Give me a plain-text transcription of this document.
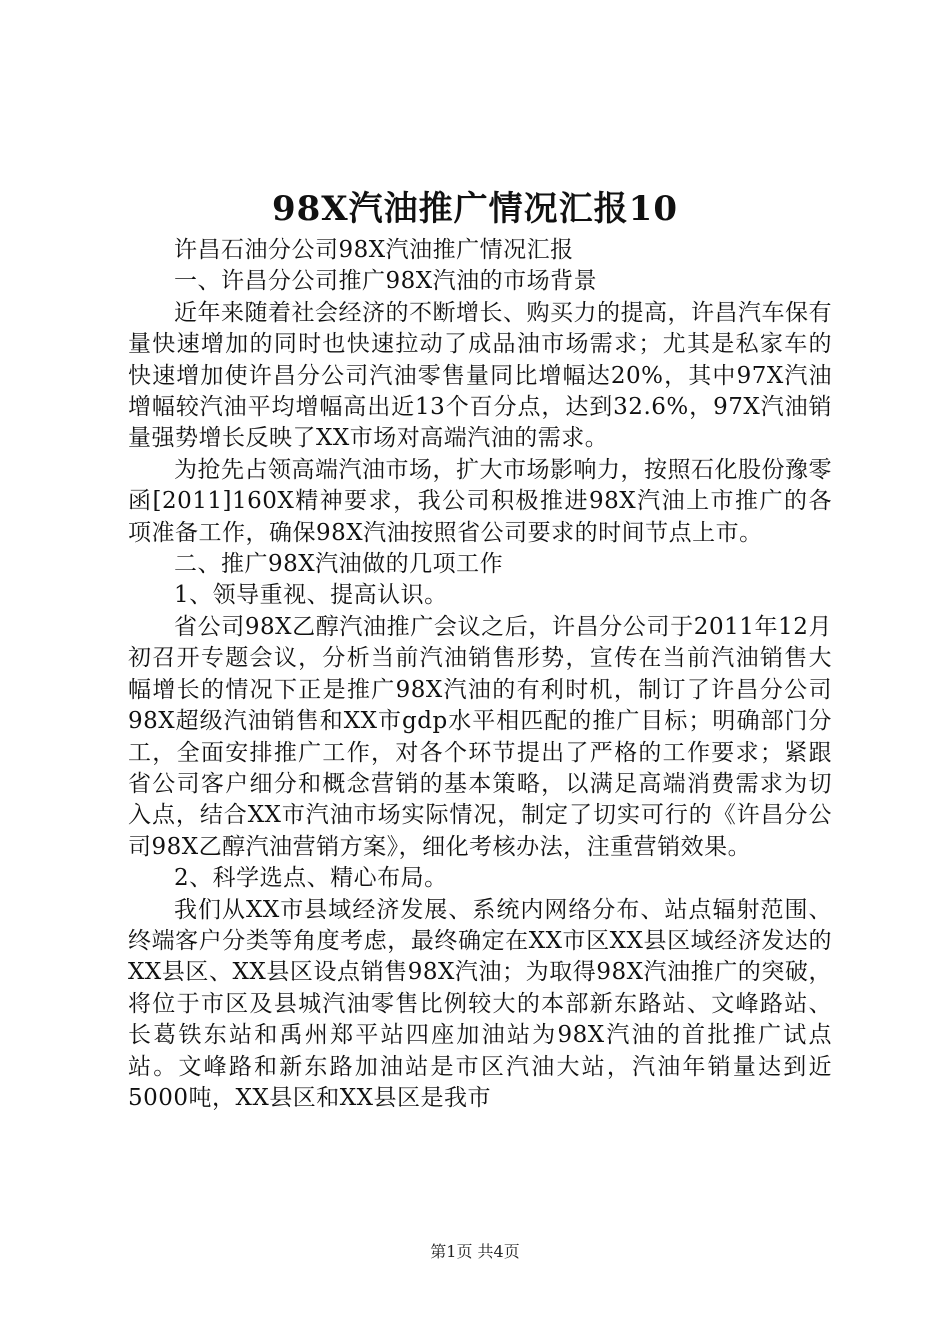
98X汽油推广情况汇报10

许昌石油分公司98X汽油推广情况汇报

一、许昌分公司推广98X汽油的市场背景

近年来随着社会经济的不断增长、购买力的提高，许昌汽车保有量快速增加的同时也快速拉动了成品油市场需求；尤其是私家车的快速增加使许昌分公司汽油零售量同比增幅达20%，其中97X汽油增幅较汽油平均增幅高出近13个百分点，达到32.6%，97X汽油销量强势增长反映了XX市场对高端汽油的需求。

为抢先占领高端汽油市场，扩大市场影响力，按照石化股份豫零函[2011]160X精神要求，我公司积极推进98X汽油上市推广的各项准备工作，确保98X汽油按照省公司要求的时间节点上市。

二、推广98X汽油做的几项工作

1、领导重视、提高认识。

省公司98X乙醇汽油推广会议之后，许昌分公司于2011年12月初召开专题会议，分析当前汽油销售形势，宣传在当前汽油销售大幅增长的情况下正是推广98X汽油的有利时机，制订了许昌分公司98X超级汽油销售和XX市gdp水平相匹配的推广目标；明确部门分工，全面安排推广工作，对各个环节提出了严格的工作要求；紧跟省公司客户细分和概念营销的基本策略，以满足高端消费需求为切入点，结合XX市汽油市场实际情况，制定了切实可行的《许昌分公司98X乙醇汽油营销方案》，细化考核办法，注重营销效果。

2、科学选点、精心布局。

我们从XX市县域经济发展、系统内网络分布、站点辐射范围、终端客户分类等角度考虑，最终确定在XX市区XX县区域经济发达的XX县区、XX县区设点销售98X汽油；为取得98X汽油推广的突破，将位于市区及县城汽油零售比例较大的本部新东路站、文峰路站、长葛铁东站和禹州郑平站四座加油站为98X汽油的首批推广试点站。文峰路和新东路加油站是市区汽油大站，汽油年销量达到近5000吨，XX县区和XX县区是我市

第1页 共4页
